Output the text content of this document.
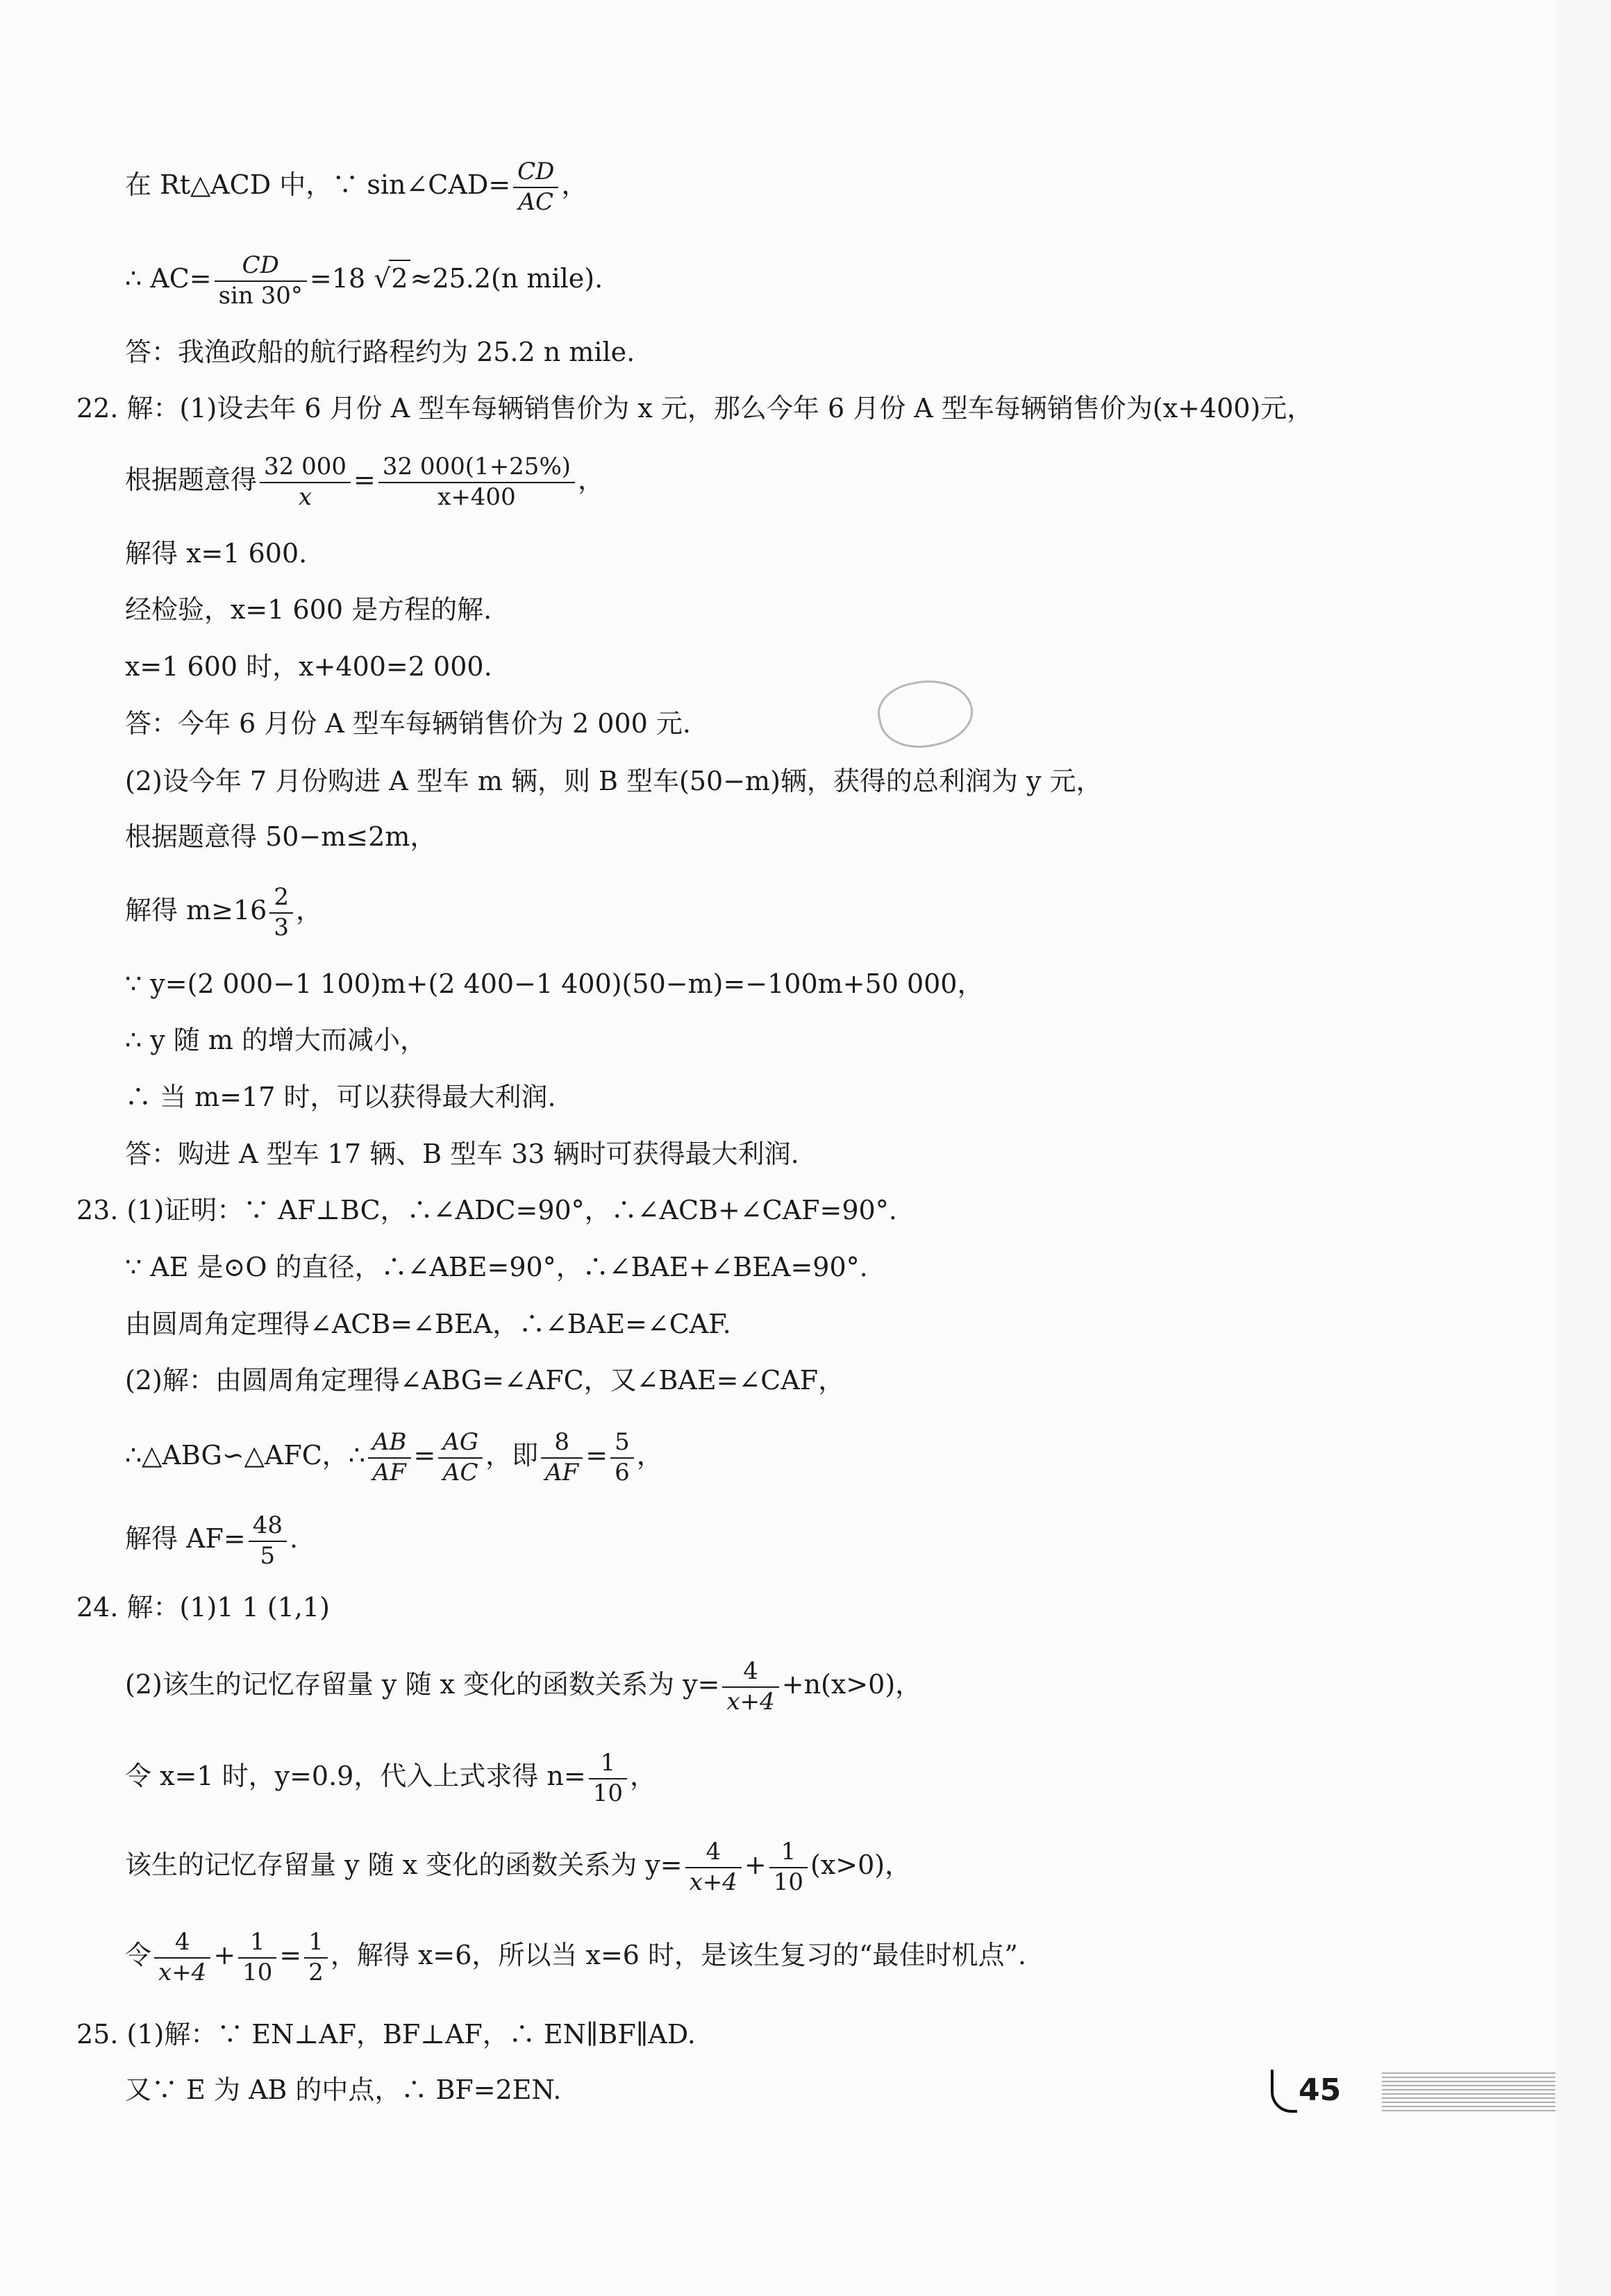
在 Rt△ACD 中，∵ sin∠CAD= $\frac{CD}{AC}$ ，
∴ $AC= \frac{CD}{\sin 30^\circ} =18$ √2≈25.2(n mile).
答：我渔政船的航行路程约为 25.2 n mile.
22. 解：(1)设去年 6 月份 A 型车每辆销售价为 x 元，那么今年 6 月份 A 型车每辆销售价为(x+400)元，
根据题意得 $\frac{32 000}{x} = \frac{32 000(1+25\%)}{x+400}$ ，
解得 x=1 600.
经检验，x=1 600 是方程的解.
x=1 600 时，x+400=2 000.
答：今年 6 月份 A 型车每辆销售价为 2 000 元.
(2)设今年 7 月份购进 A 型车 m 辆，则 B 型车(50−m)辆，获得的总利润为 y 元，
根据题意得 50−m≤2m，
解得 $m\ge 16 \frac{2}{3}$ ，
∵ y=(2 000−1 100)m+(2 400−1 400)(50−m)=−100m+50 000，
∴ y 随 m 的增大而减小，
∴ 当 m=17 时，可以获得最大利润.
答：购进 A 型车 17 辆、B 型车 33 辆时可获得最大利润.
23. (1)证明：∵ AF⊥BC，∴∠ADC=90°，∴∠ACB+∠CAF=90°.
∵ AE 是⊙O 的直径，∴∠ABE=90°，∴∠BAE+∠BEA=90°.
由圆周角定理得∠ACB=∠BEA，∴∠BAE=∠CAF.
(2)解：由圆周角定理得∠ABG=∠AFC，又∠BAE=∠CAF，
∴△ABG∽△AFC，∴ $\frac{AB}{AF} = \frac{AG}{AC}$ ，即 $\frac{8}{AF} = \frac{5}{6}$ ，
解得 $AF= \frac{48}{5}$ .
24. 解：(1)1 1 (1,1)
(2)该生的记忆存留量 y 随 x 变化的函数关系为 $y= \frac{4}{x+4} +n(x>0)$，
令 x=1 时，y=0.9，代入上式求得 $n= \frac{1}{10}$ ，
该生的记忆存留量 y 随 x 变化的函数关系为 $y= \frac{4}{x+4} + \frac{1}{10} (x>0)$，
令 $\frac{4}{x+4} + \frac{1}{10} = \frac{1}{2}$ ，解得 x=6，所以当 x=6 时，是该生复习的“最佳时机点”.
25. (1)解：∵ EN⊥AF，BF⊥AF，∴ EN∥BF∥AD.
又∵ E 为 AB 的中点，∴ BF=2EN.	45
